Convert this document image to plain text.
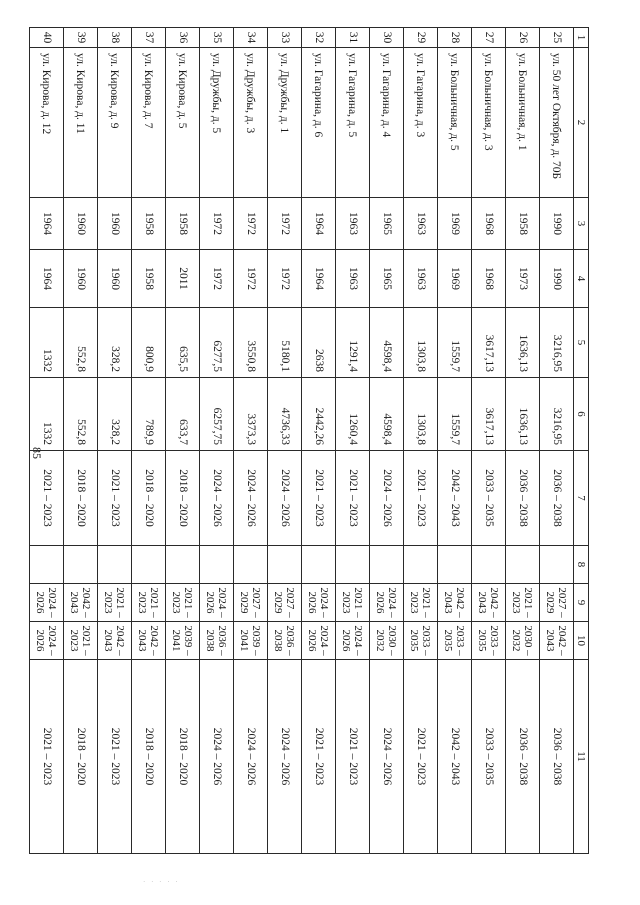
85
1	2	3	4	5	6	7	8	9	10	11
25	ул. 50 лет Октября, д. 70Б	1990	1990	3216,95	3216,95	2036 – 2038		2027 – 2029	2042 – 2043	2036 – 2038
26	ул. Больничная, д. 1	1958	1973	1636,13	1636,13	2036 – 2038		2021 – 2023	2030 – 2032	2036 – 2038
27	ул. Больничная, д. 3	1968	1968	3617,13	3617,13	2033 – 2035		2042 – 2043	2033 – 2035	2033 – 2035
28	ул. Больничная, д. 5	1969	1969	1559,7	1559,7	2042 – 2043		2042 – 2043	2033 – 2035	2042 – 2043
29	ул. Гагарина, д. 3	1963	1963	1303,8	1303,8	2021 – 2023		2021 – 2023	2033 – 2035	2021 – 2023
30	ул. Гагарина, д. 4	1965	1965	4598,4	4598,4	2024 – 2026		2024 – 2026	2030 – 2032	2024 – 2026
31	ул. Гагарина, д. 5	1963	1963	1291,4	1260,4	2021 – 2023		2021 – 2023	2024 – 2026	2021 – 2023
32	ул. Гагарина, д. 6	1964	1964	2638	2442,26	2021 – 2023		2024 – 2026	2024 – 2026	2021 – 2023
33	ул. Дружбы, д. 1	1972	1972	5180,1	4736,33	2024 – 2026		2027 – 2029	2036 – 2038	2024 – 2026
34	ул. Дружбы, д. 3	1972	1972	3550,8	3373,3	2024 – 2026		2027 – 2029	2039 – 2041	2024 – 2026
35	ул. Дружбы, д. 5	1972	1972	6277,5	6257,75	2024 – 2026		2024 – 2026	2036 – 2038	2024 – 2026
36	ул. Кирова, д. 5	1958	2011	635,5	633,7	2018 – 2020		2021 – 2023	2039 – 2041	2018 – 2020
37	ул. Кирова, д. 7	1958	1958	800,9	789,9	2018 – 2020		2021 – 2023	2042 – 2043	2018 – 2020
38	ул. Кирова, д. 9	1960	1960	328,2	328,2	2021 – 2023		2021 – 2023	2042 – 2043	2021 – 2023
39	ул. Кирова, д. 11	1960	1960	552,8	552,8	2018 – 2020		2042 – 2043	2021 – 2023	2018 – 2020
40	ул. Кирова, д. 12	1964	1964	1332	1332	2021 – 2023		2024 – 2026	2024 – 2026	2021 – 2023
· · · · ·
